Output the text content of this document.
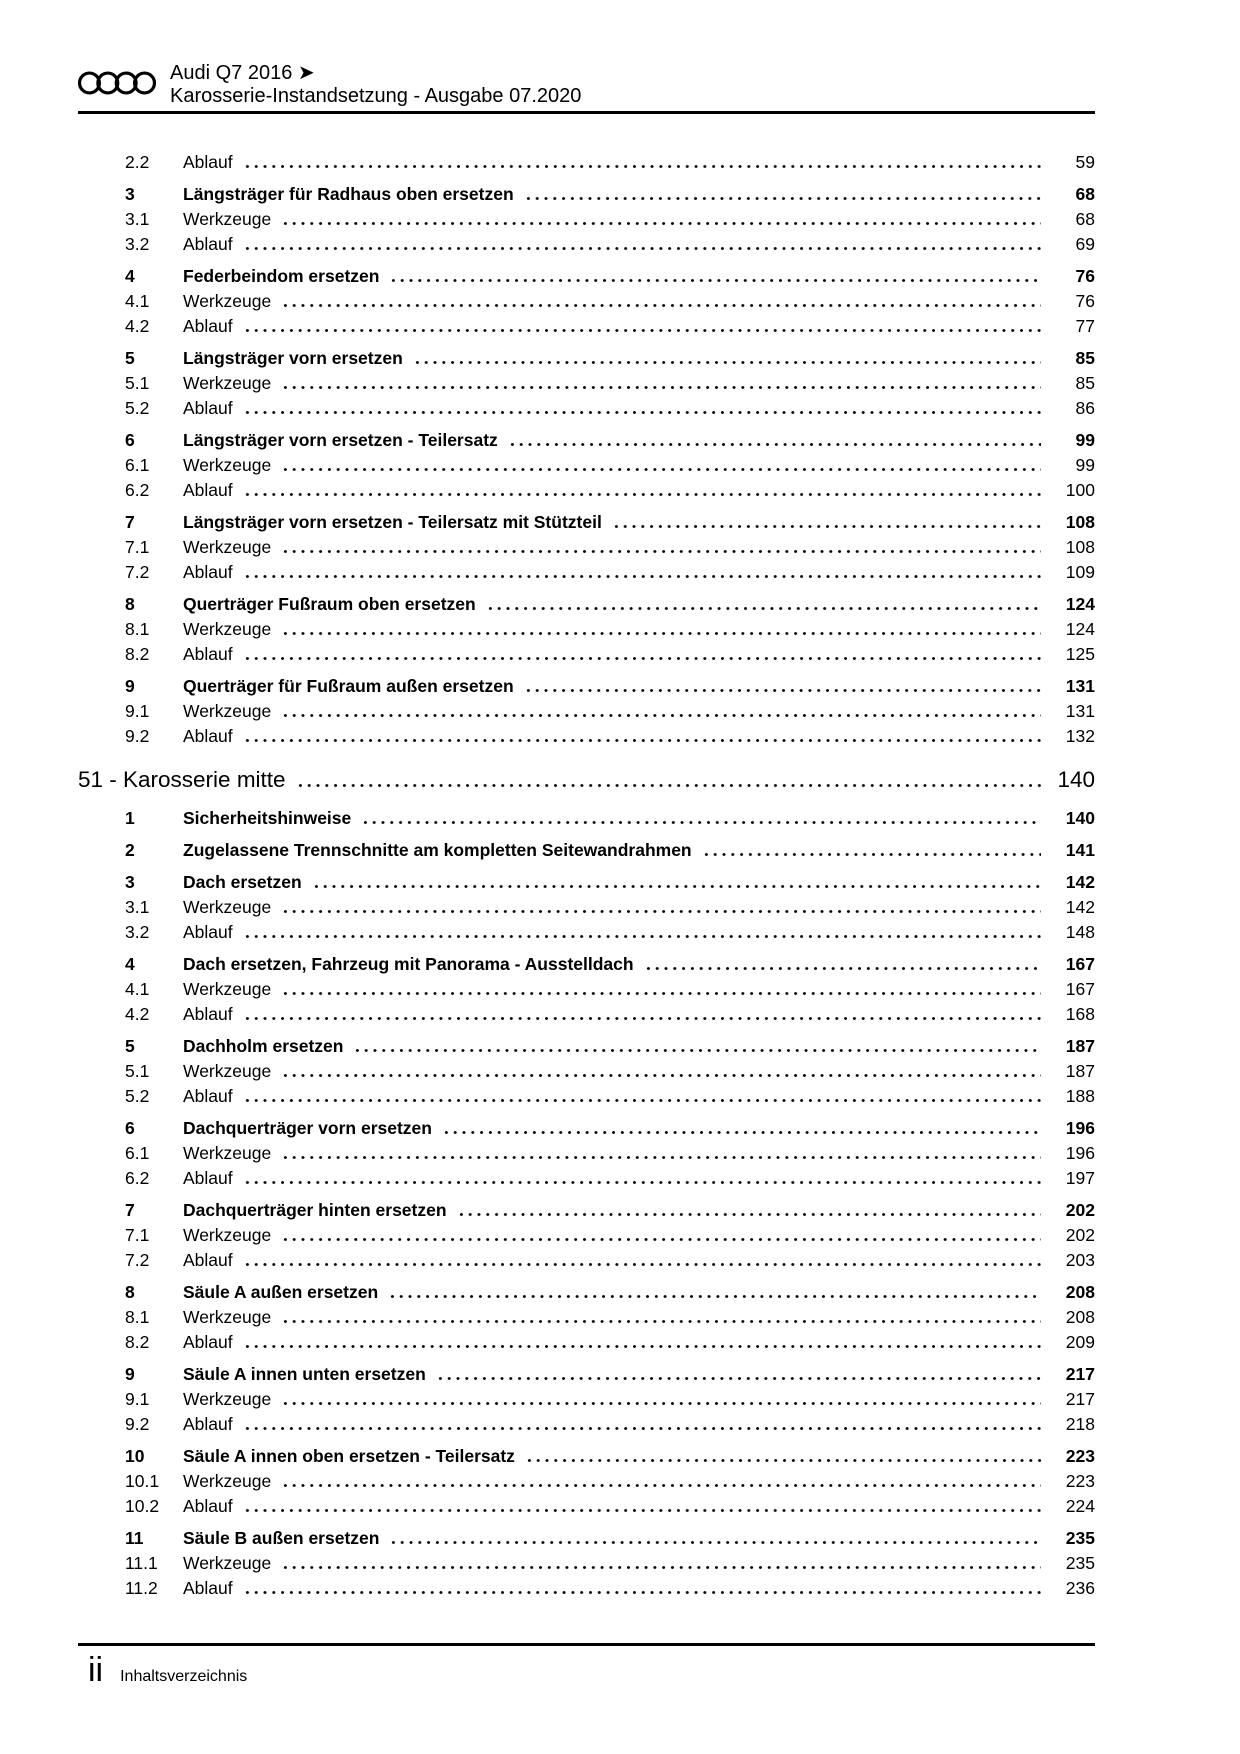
Audi Q7 2016 ➤
Karosserie-Instandsetzung - Ausgabe 07.2020
2.2	Ablauf	59
3	Längsträger für Radhaus oben ersetzen	68
3.1	Werkzeuge	68
3.2	Ablauf	69
4	Federbeindom ersetzen	76
4.1	Werkzeuge	76
4.2	Ablauf	77
5	Längsträger vorn ersetzen	85
5.1	Werkzeuge	85
5.2	Ablauf	86
6	Längsträger vorn ersetzen - Teilersatz	99
6.1	Werkzeuge	99
6.2	Ablauf	100
7	Längsträger vorn ersetzen - Teilersatz mit Stützteil	108
7.1	Werkzeuge	108
7.2	Ablauf	109
8	Querträger Fußraum oben ersetzen	124
8.1	Werkzeuge	124
8.2	Ablauf	125
9	Querträger für Fußraum außen ersetzen	131
9.1	Werkzeuge	131
9.2	Ablauf	132
51 - Karosserie mitte	140
1	Sicherheitshinweise	140
2	Zugelassene Trennschnitte am kompletten Seitewandrahmen	141
3	Dach ersetzen	142
3.1	Werkzeuge	142
3.2	Ablauf	148
4	Dach ersetzen, Fahrzeug mit Panorama - Ausstelldach	167
4.1	Werkzeuge	167
4.2	Ablauf	168
5	Dachholm ersetzen	187
5.1	Werkzeuge	187
5.2	Ablauf	188
6	Dachquerträger vorn ersetzen	196
6.1	Werkzeuge	196
6.2	Ablauf	197
7	Dachquerträger hinten ersetzen	202
7.1	Werkzeuge	202
7.2	Ablauf	203
8	Säule A außen ersetzen	208
8.1	Werkzeuge	208
8.2	Ablauf	209
9	Säule A innen unten ersetzen	217
9.1	Werkzeuge	217
9.2	Ablauf	218
10	Säule A innen oben ersetzen - Teilersatz	223
10.1	Werkzeuge	223
10.2	Ablauf	224
11	Säule B außen ersetzen	235
11.1	Werkzeuge	235
11.2	Ablauf	236
ii Inhaltsverzeichnis
